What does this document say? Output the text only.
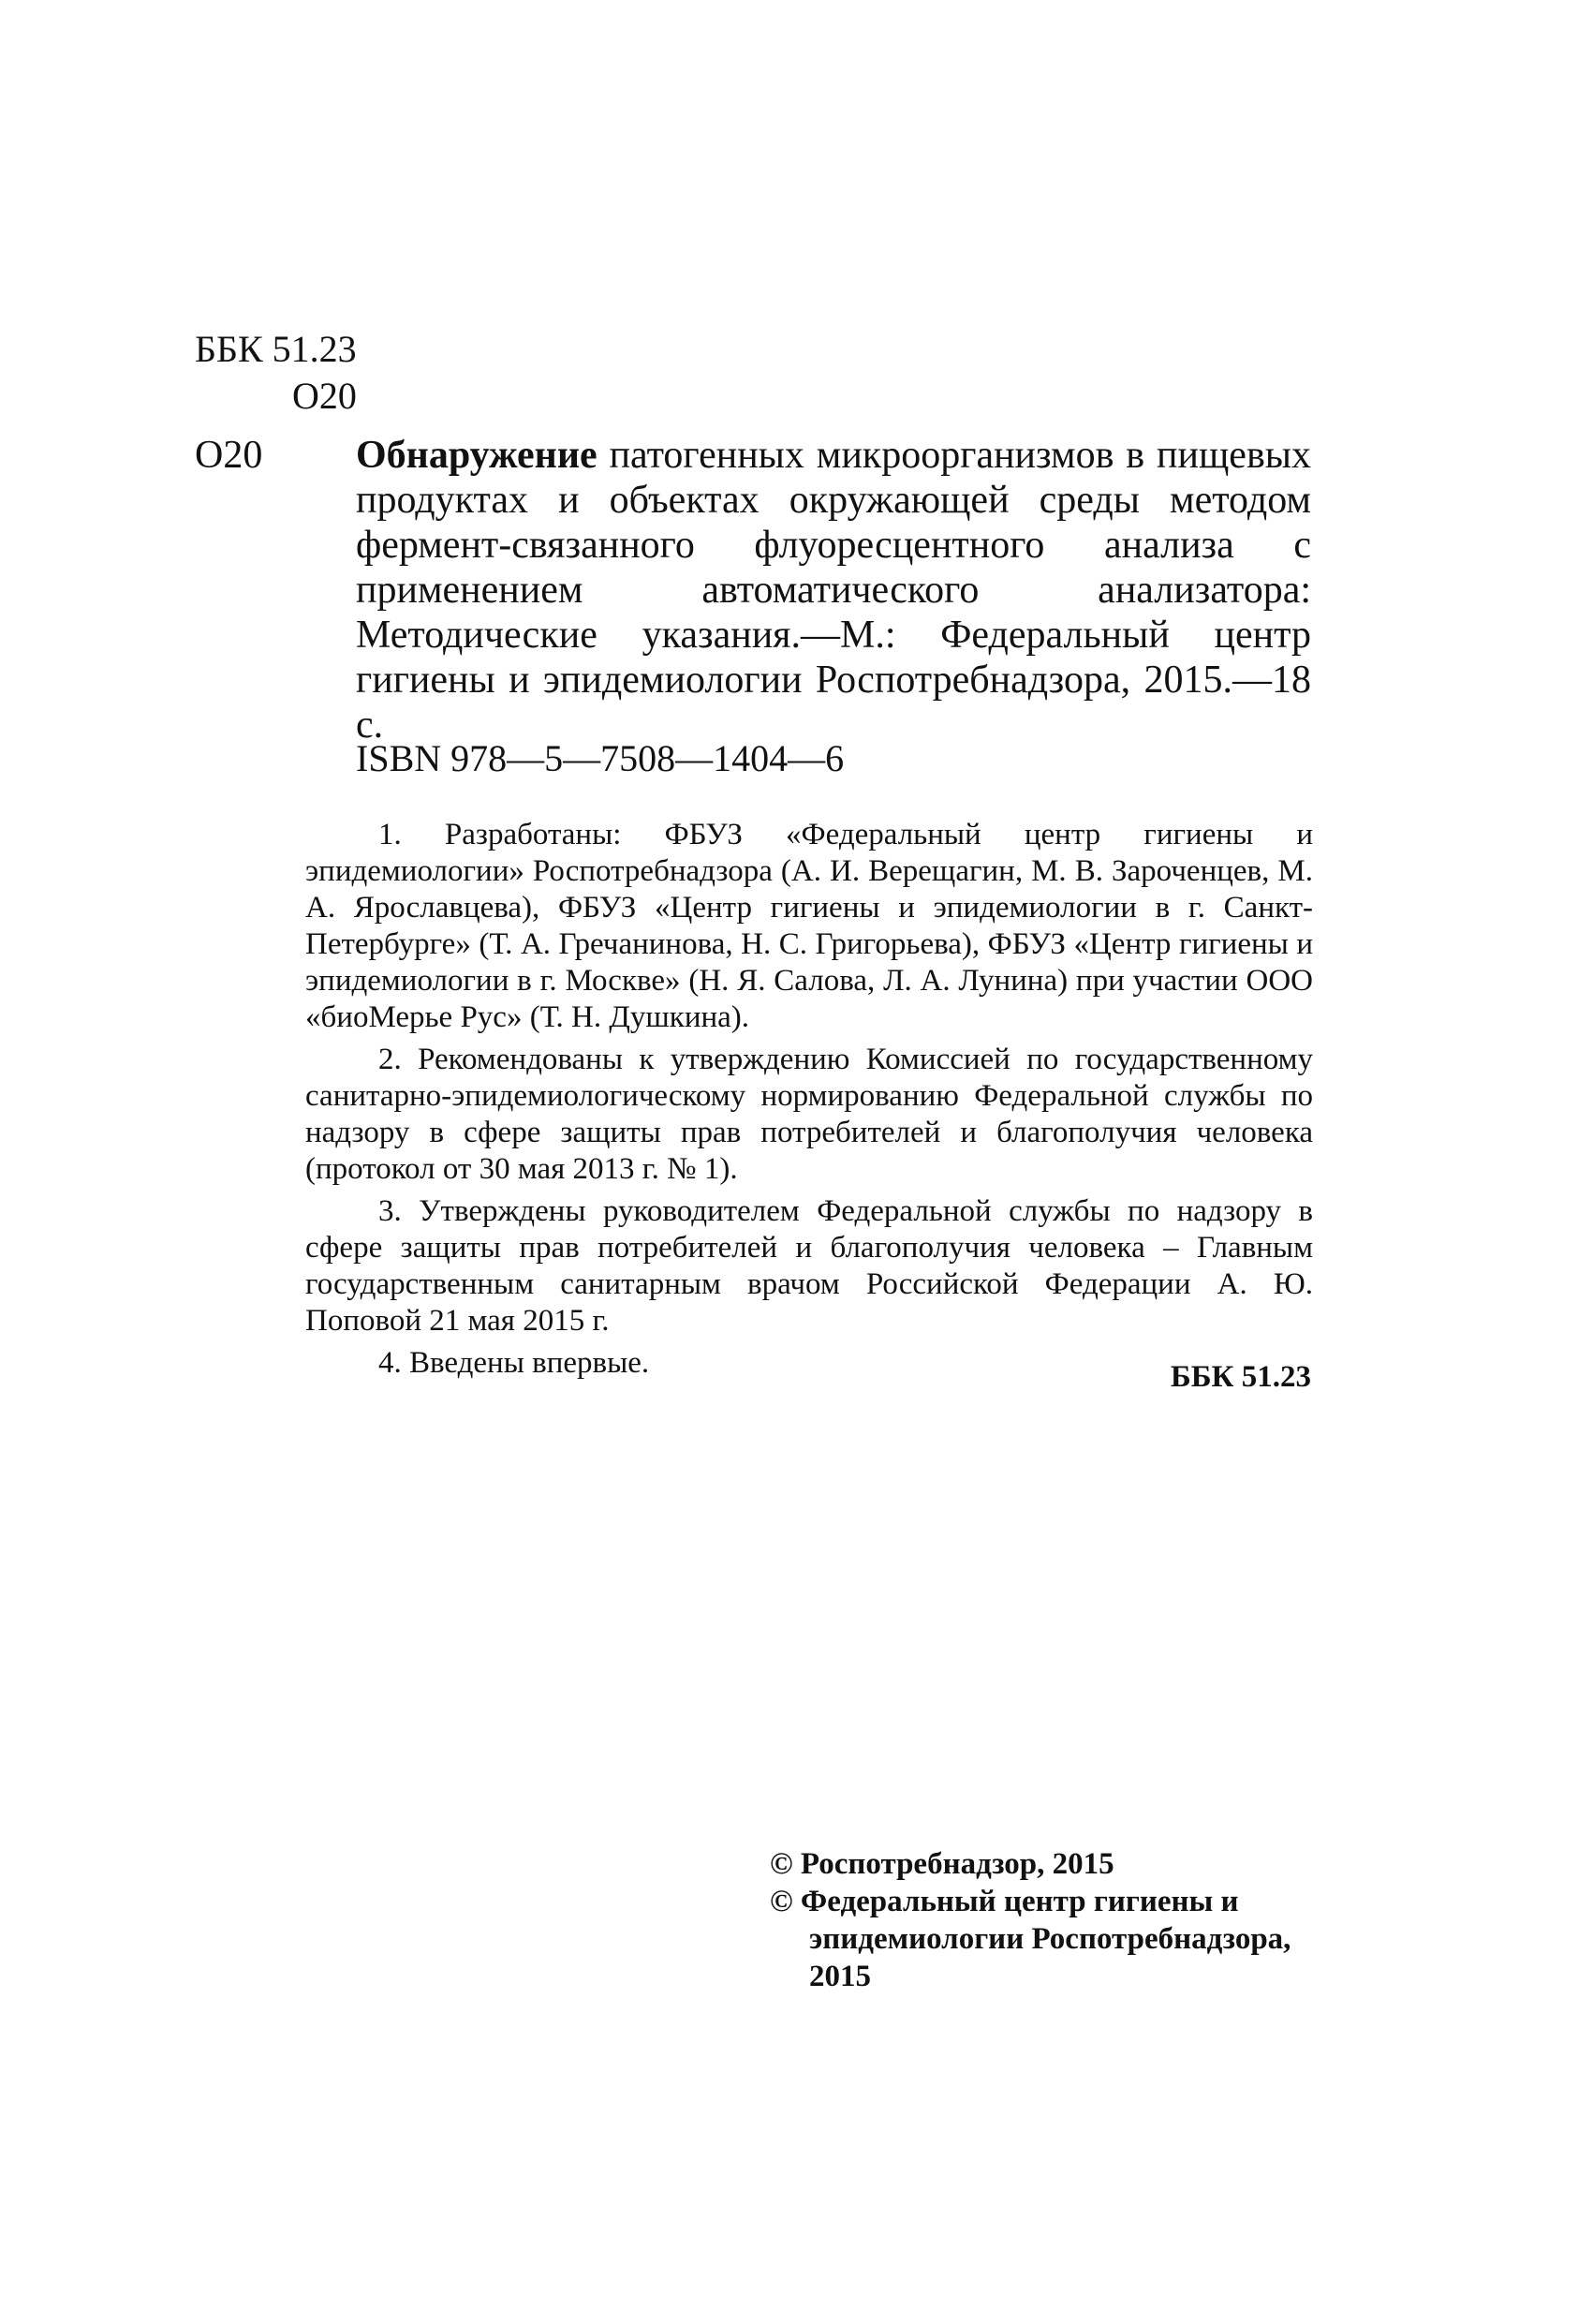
ББК 51.23
О20
О20 Обнаружение патогенных микроорганизмов в пищевых продуктах и объектах окружающей среды методом фермент-связанного флуоресцентного анализа с применением автоматического анализатора: Методические указания.—М.: Федеральный центр гигиены и эпидемиологии Роспотребнадзора, 2015.—18 с.
ISBN 978—5—7508—1404—6

1. Разработаны: ФБУЗ «Федеральный центр гигиены и эпидемиологии» Роспотребнадзора (А. И. Верещагин, М. В. Зароченцев, М. А. Ярославцева), ФБУЗ «Центр гигиены и эпидемиологии в г. Санкт-Петербурге» (Т. А. Гречанинова, Н. С. Григорьева), ФБУЗ «Центр гигиены и эпидемиологии в г. Москве» (Н. Я. Салова, Л. А. Лунина) при участии ООО «биоМерье Рус» (Т. Н. Душкина).

2. Рекомендованы к утверждению Комиссией по государственному санитарно-эпидемиологическому нормированию Федеральной службы по надзору в сфере защиты прав потребителей и благополучия человека (протокол от 30 мая 2013 г. № 1).

3. Утверждены руководителем Федеральной службы по надзору в сфере защиты прав потребителей и благополучия человека – Главным государственным санитарным врачом Российской Федерации А. Ю. Поповой 21 мая 2015 г.

4. Введены впервые.	ББК 51.23
© Роспотребнадзор, 2015
© Федеральный центр гигиены и
эпидемиологии Роспотребнадзора, 2015
